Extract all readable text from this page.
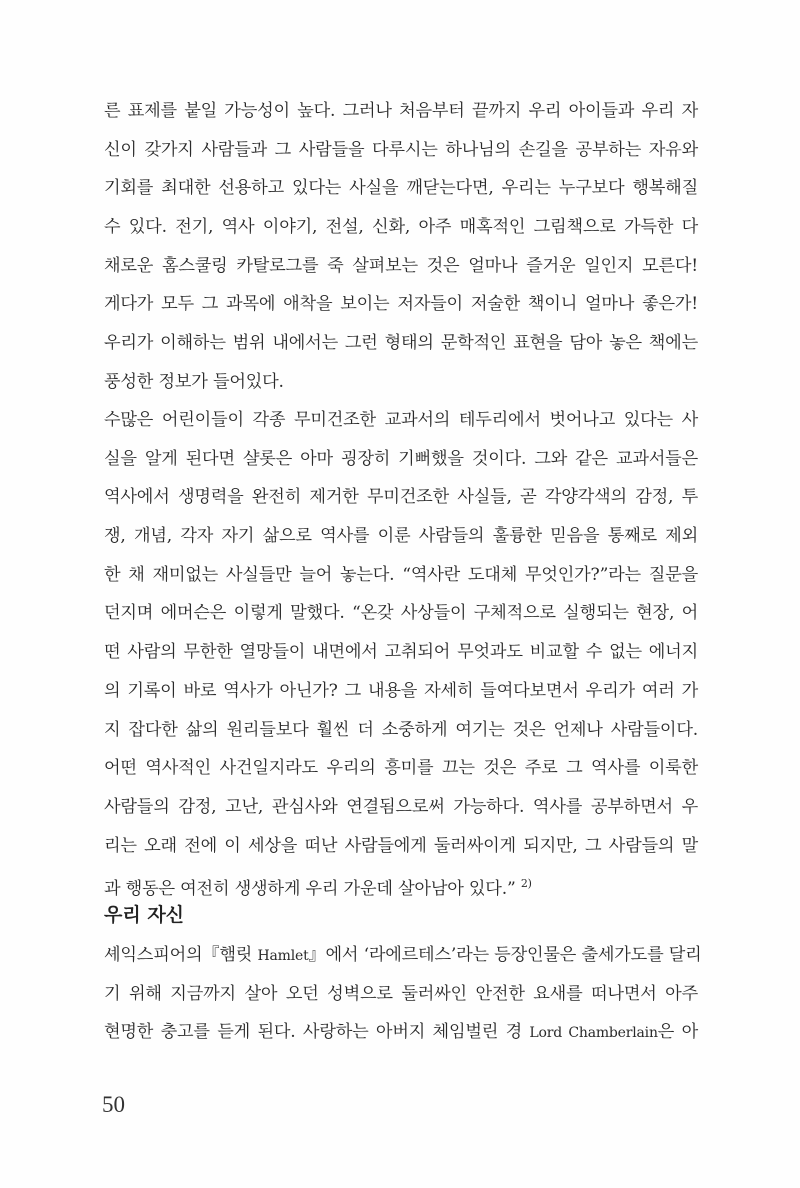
른 표제를 붙일 가능성이 높다. 그러나 처음부터 끝까지 우리 아이들과 우리 자
신이 갖가지 사람들과 그 사람들을 다루시는 하나님의 손길을 공부하는 자유와
기회를 최대한 선용하고 있다는 사실을 깨닫는다면, 우리는 누구보다 행복해질
수 있다. 전기, 역사 이야기, 전설, 신화, 아주 매혹적인 그림책으로 가득한 다
채로운 홈스쿨링 카탈로그를 죽 살펴보는 것은 얼마나 즐거운 일인지 모른다!
게다가 모두 그 과목에 애착을 보이는 저자들이 저술한 책이니 얼마나 좋은가!
우리가 이해하는 범위 내에서는 그런 형태의 문학적인 표현을 담아 놓은 책에는
풍성한 정보가 들어있다.
수많은 어린이들이 각종 무미건조한 교과서의 테두리에서 벗어나고 있다는 사
실을 알게 된다면 샬롯은 아마 굉장히 기뻐했을 것이다. 그와 같은 교과서들은
역사에서 생명력을 완전히 제거한 무미건조한 사실들, 곧 각양각색의 감정, 투
쟁, 개념, 각자 자기 삶으로 역사를 이룬 사람들의 훌륭한 믿음을 통째로 제외
한 채 재미없는 사실들만 늘어 놓는다. “역사란 도대체 무엇인가?”라는 질문을
던지며 에머슨은 이렇게 말했다. “온갖 사상들이 구체적으로 실행되는 현장, 어
떤 사람의 무한한 열망들이 내면에서 고취되어 무엇과도 비교할 수 없는 에너지
의 기록이 바로 역사가 아닌가? 그 내용을 자세히 들여다보면서 우리가 여러 가
지 잡다한 삶의 원리들보다 훨씬 더 소중하게 여기는 것은 언제나 사람들이다.
어떤 역사적인 사건일지라도 우리의 흥미를 끄는 것은 주로 그 역사를 이룩한
사람들의 감정, 고난, 관심사와 연결됨으로써 가능하다. 역사를 공부하면서 우
리는 오래 전에 이 세상을 떠난 사람들에게 둘러싸이게 되지만, 그 사람들의 말
과 행동은 여전히 생생하게 우리 가운데 살아남아 있다.” $^{2)}$
우리 자신
셰익스피어의『햄릿 Hamlet』에서 ‘라에르테스’라는 등장인물은 출세가도를 달리
기 위해 지금까지 살아 오던 성벽으로 둘러싸인 안전한 요새를 떠나면서 아주
현명한 충고를 듣게 된다. 사랑하는 아버지 체임벌린 경 Lord Chamberlain은 아
50
